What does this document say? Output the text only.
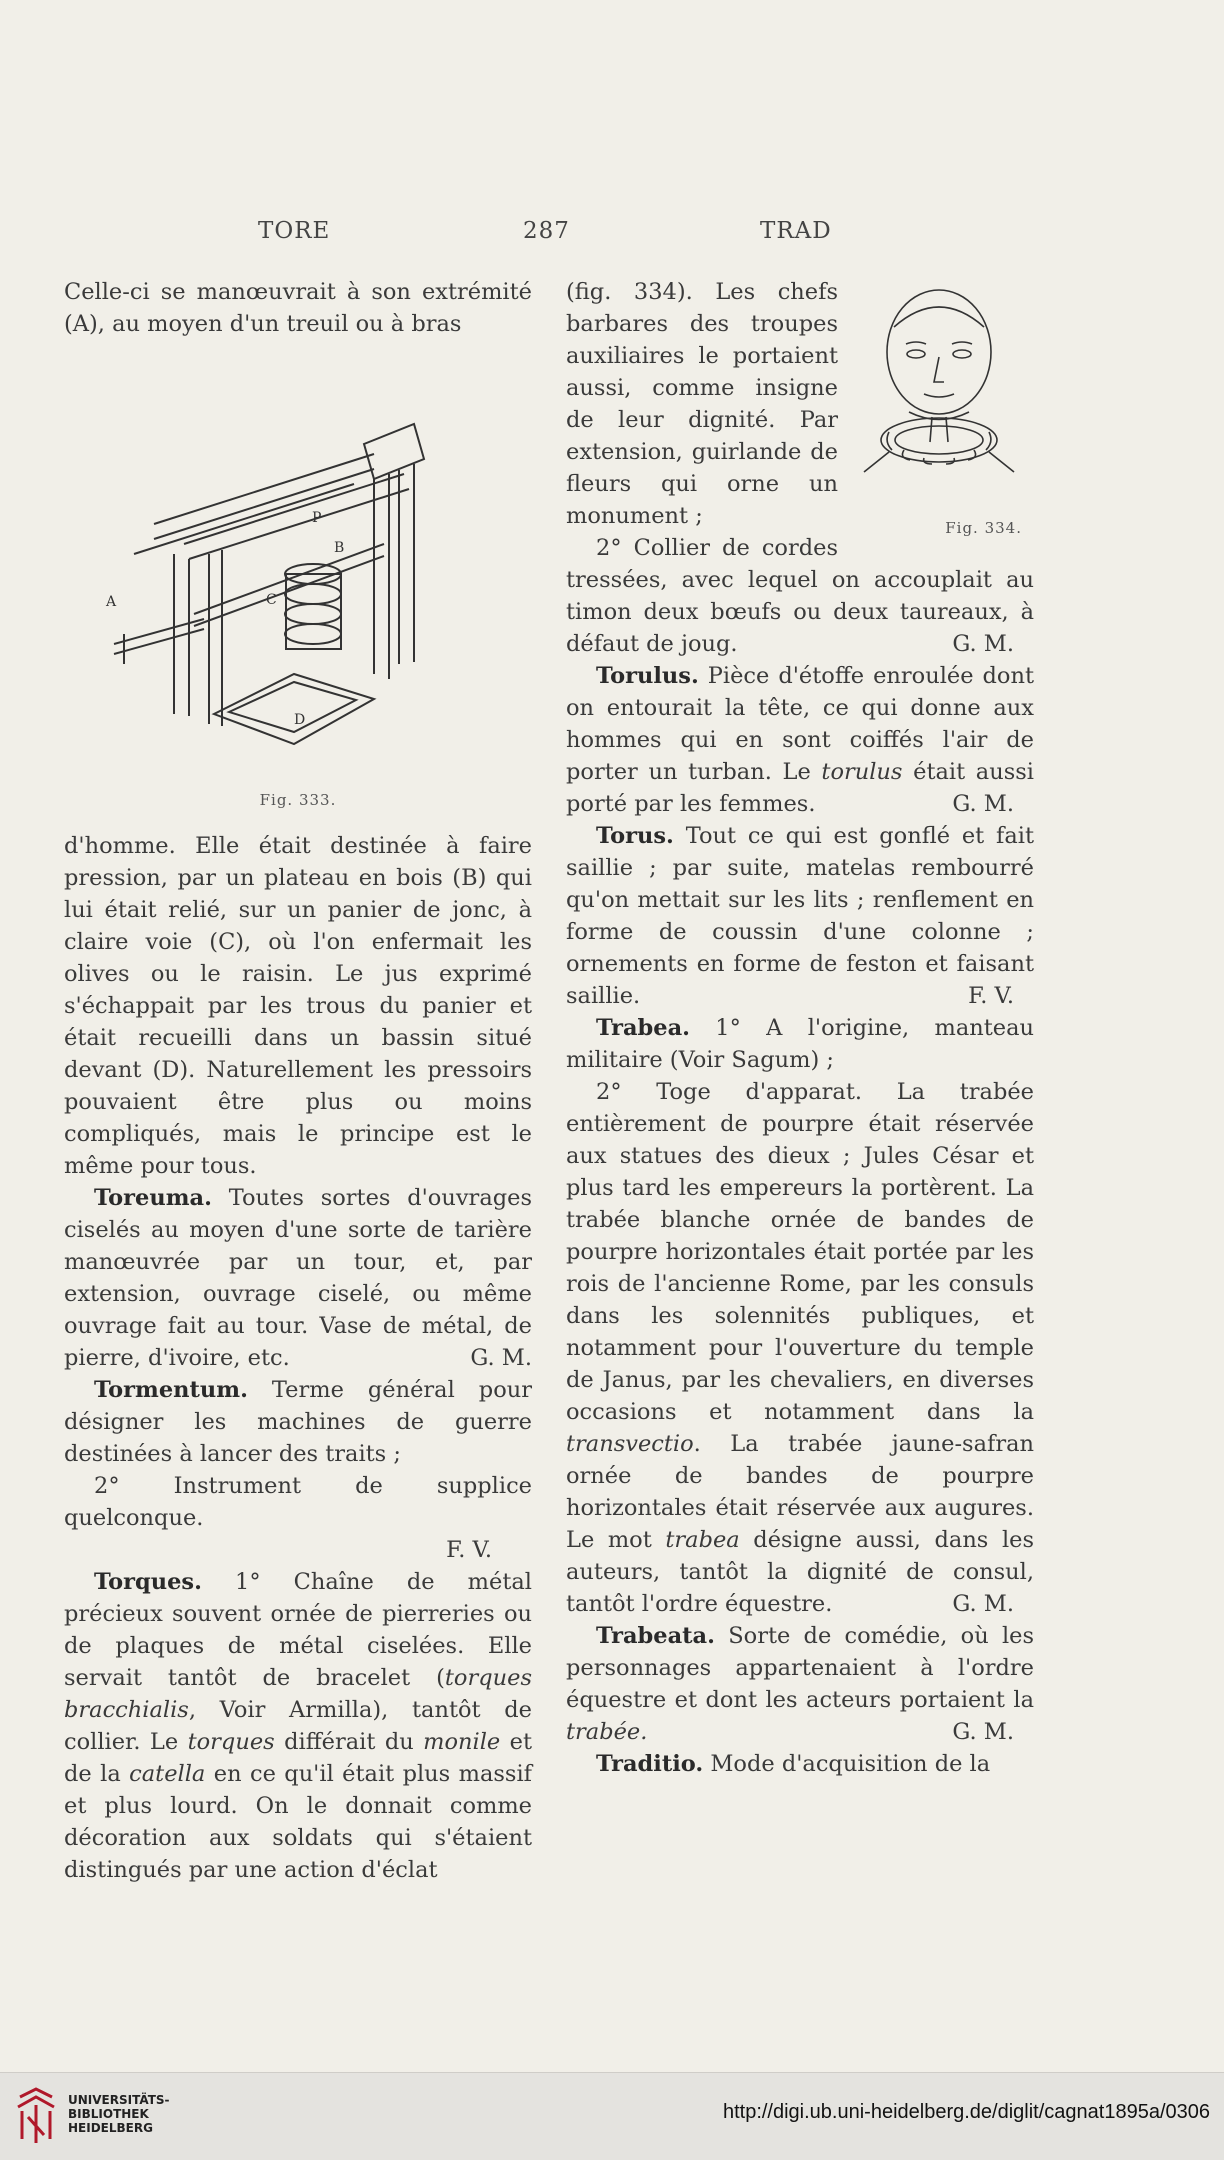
TORE	287	TRAD

Celle-ci se manœuvrait à son extrémité (A), au moyen d'un treuil ou à bras

A
B
C
D
P
Fig. 333.

d'homme. Elle était destinée à faire pression, par un plateau en bois (B) qui lui était relié, sur un panier de jonc, à claire voie (C), où l'on enfermait les olives ou le raisin. Le jus exprimé s'échappait par les trous du panier et était recueilli dans un bassin situé devant (D). Naturellement les pressoirs pouvaient être plus ou moins compliqués, mais le principe est le même pour tous.

Toreuma. Toutes sortes d'ouvrages ciselés au moyen d'une sorte de tarière manœuvrée par un tour, et, par extension, ouvrage ciselé, ou même ouvrage fait au tour. Vase de métal, de pierre, d'ivoire, etc.	G. M.

Tormentum. Terme général pour désigner les machines de guerre destinées à lancer des traits ;

2° Instrument de supplice quelconque.

F. V.

Torques. 1° Chaîne de métal précieux souvent ornée de pierreries ou de plaques de métal ciselées. Elle servait tantôt de bracelet (torques bracchialis, Voir Armilla), tantôt de collier. Le torques différait du monile et de la catella en ce qu'il était plus massif et plus lourd. On le donnait comme décoration aux soldats qui s'étaient distingués par une action d'éclat

Fig. 334.

(fig. 334). Les chefs barbares des troupes auxiliaires le portaient aussi, comme insigne de leur dignité. Par extension, guirlande de fleurs qui orne un monument ;

2° Collier de cordes tressées, avec lequel on accouplait au timon deux bœufs ou deux taureaux, à défaut de joug.	G. M.

Torulus. Pièce d'étoffe enroulée dont on entourait la tête, ce qui donne aux hommes qui en sont coiffés l'air de porter un turban. Le torulus était aussi porté par les femmes.	G. M.

Torus. Tout ce qui est gonflé et fait saillie ; par suite, matelas rembourré qu'on mettait sur les lits ; renflement en forme de coussin d'une colonne ; ornements en forme de feston et faisant saillie.	F. V.

Trabea. 1° A l'origine, manteau militaire (Voir Sagum) ;

2° Toge d'apparat. La trabée entièrement de pourpre était réservée aux statues des dieux ; Jules César et plus tard les empereurs la portèrent. La trabée blanche ornée de bandes de pourpre horizontales était portée par les rois de l'ancienne Rome, par les consuls dans les solennités publiques, et notamment pour l'ouverture du temple de Janus, par les chevaliers, en diverses occasions et notamment dans la transvectio. La trabée jaune-safran ornée de bandes de pourpre horizontales était réservée aux augures. Le mot trabea désigne aussi, dans les auteurs, tantôt la dignité de consul, tantôt l'ordre équestre.	G. M.

Trabeata. Sorte de comédie, où les personnages appartenaient à l'ordre équestre et dont les acteurs portaient la trabée.	G. M.

Traditio. Mode d'acquisition de la

UNIVERSITÄTS-
BIBLIOTHEK
HEIDELBERG
http://digi.ub.uni-heidelberg.de/diglit/cagnat1895a/0306
